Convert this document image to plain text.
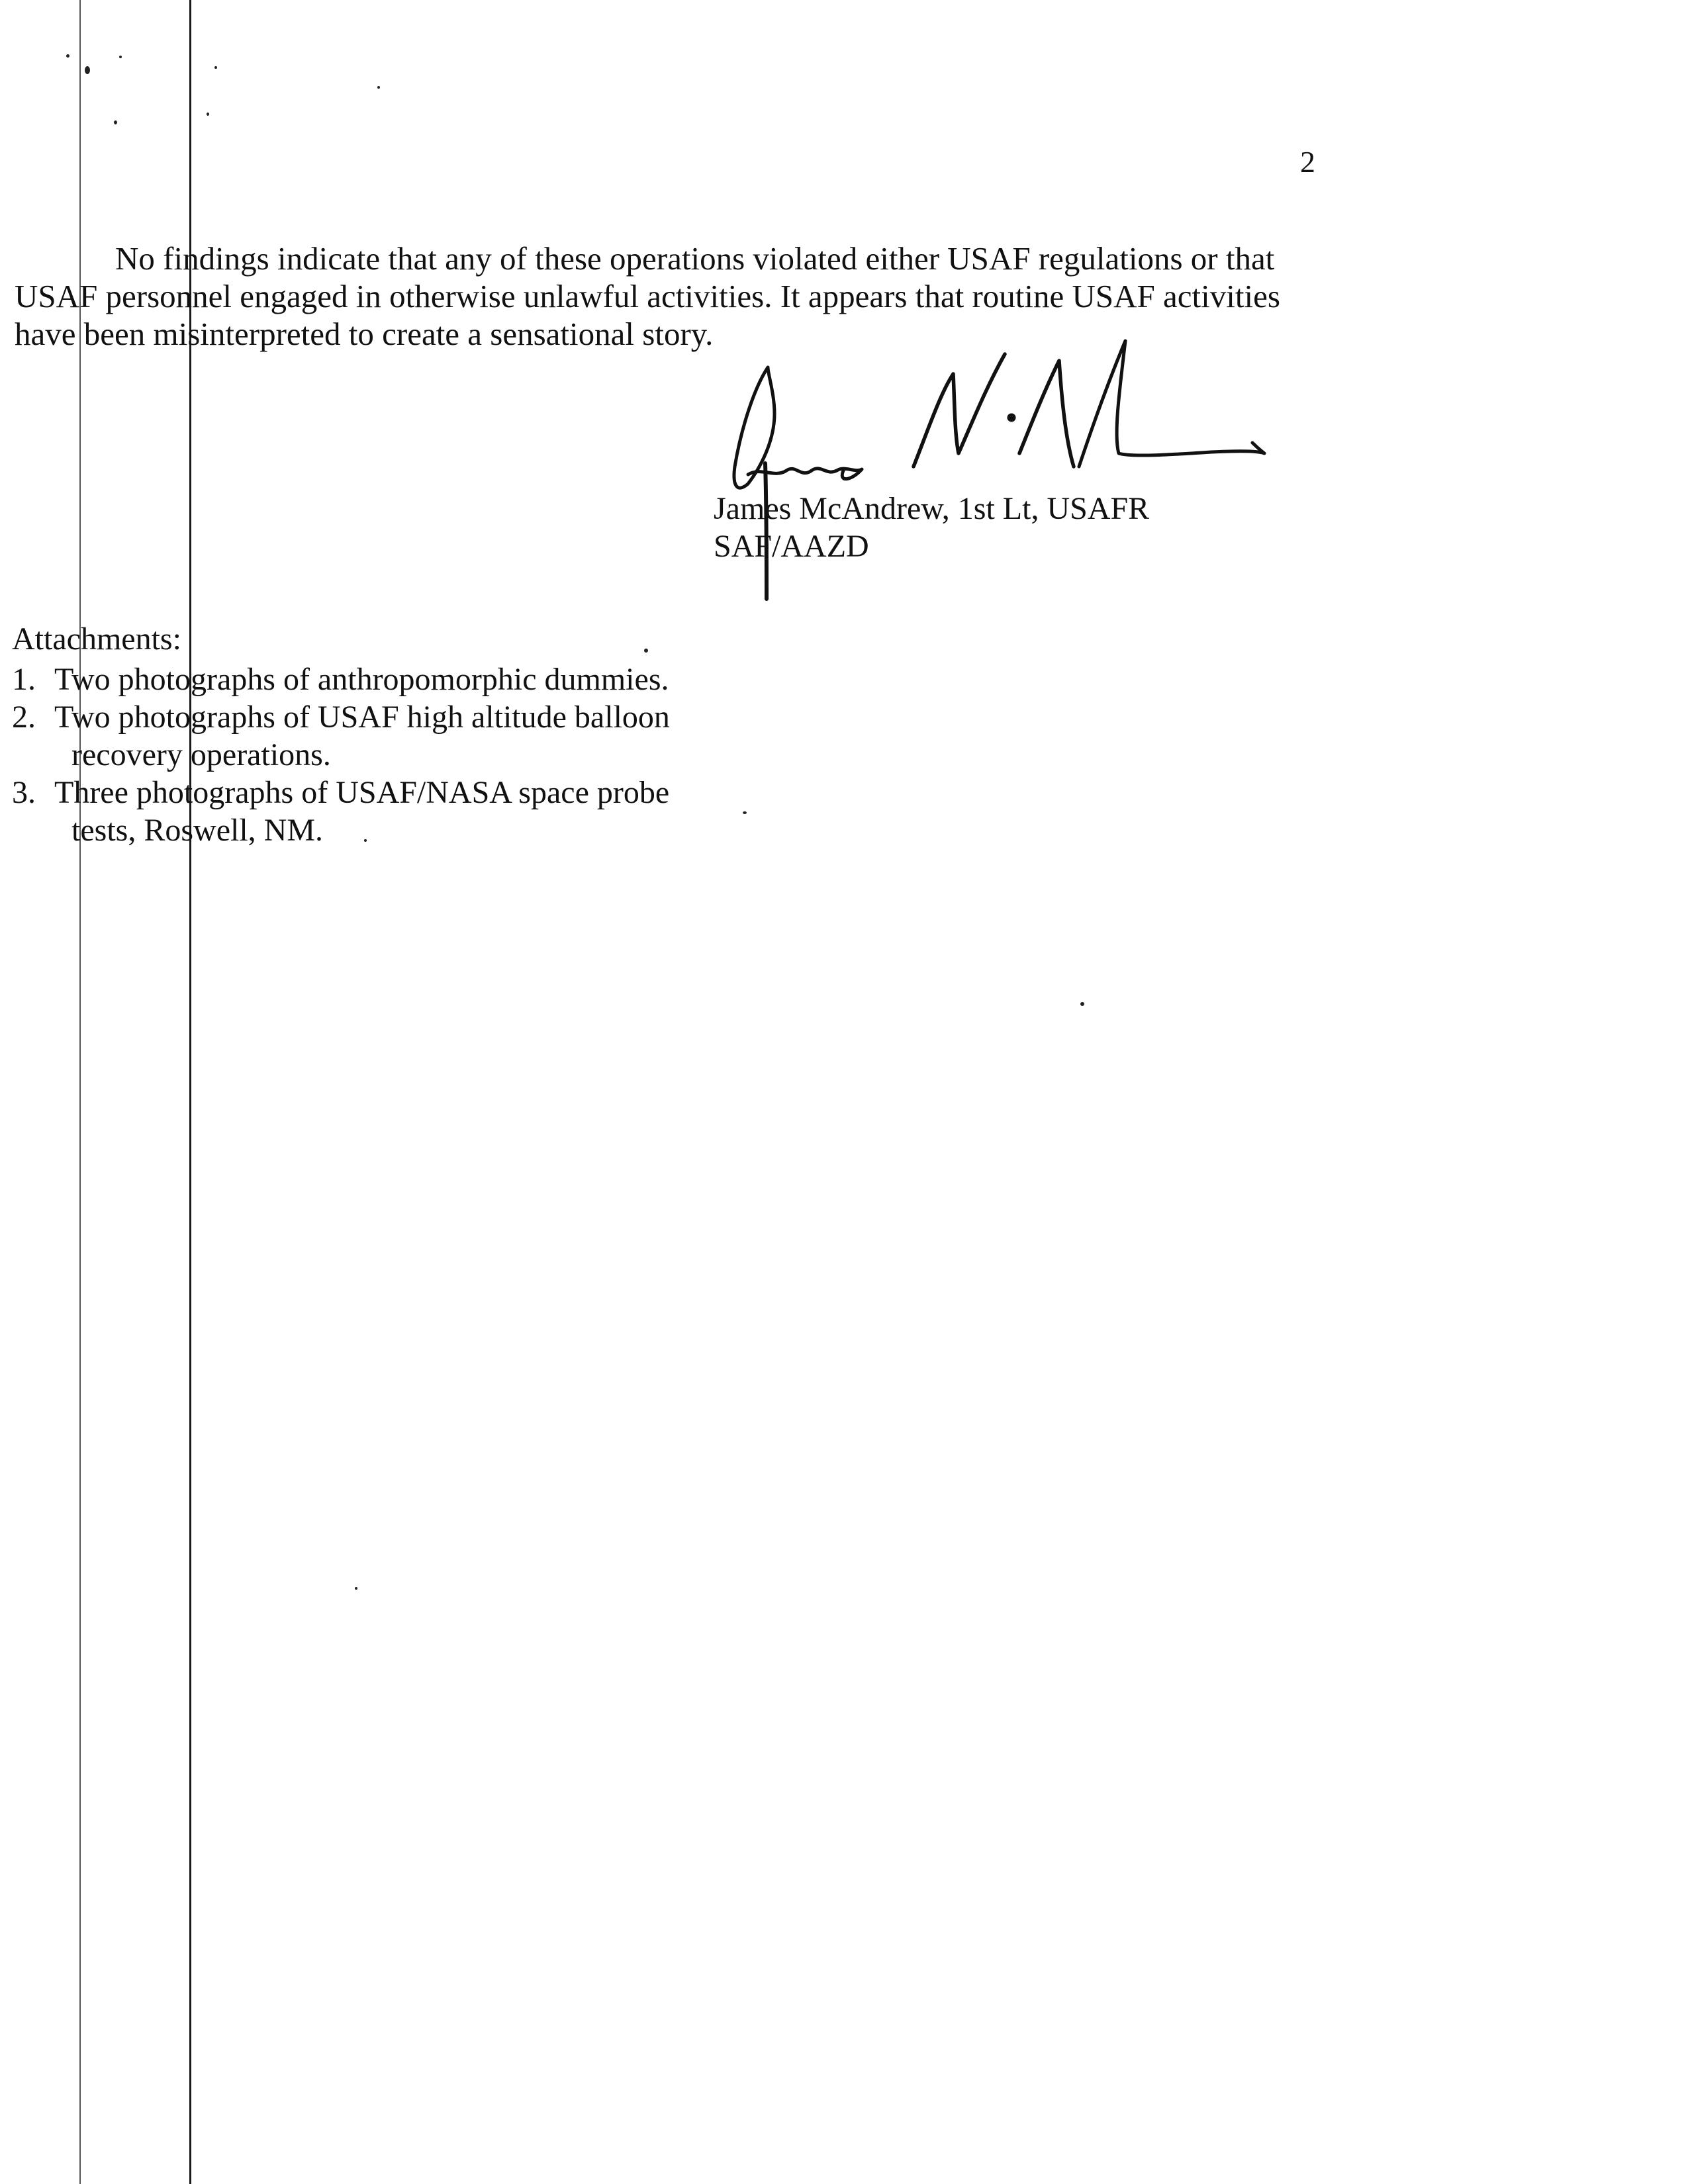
2

No findings indicate that any of these operations violated either USAF regulations or that USAF personnel engaged in otherwise unlawful activities. It appears that routine USAF activities have been misinterpreted to create a sensational story.

James McAndrew, 1st Lt, USAFR
SAF/AAZD
Attachments:
1. Two photographs of anthropomorphic dummies.
2. Two photographs of USAF high altitude balloon
recovery operations.
3. Three photographs of USAF/NASA space probe
tests, Roswell, NM.
